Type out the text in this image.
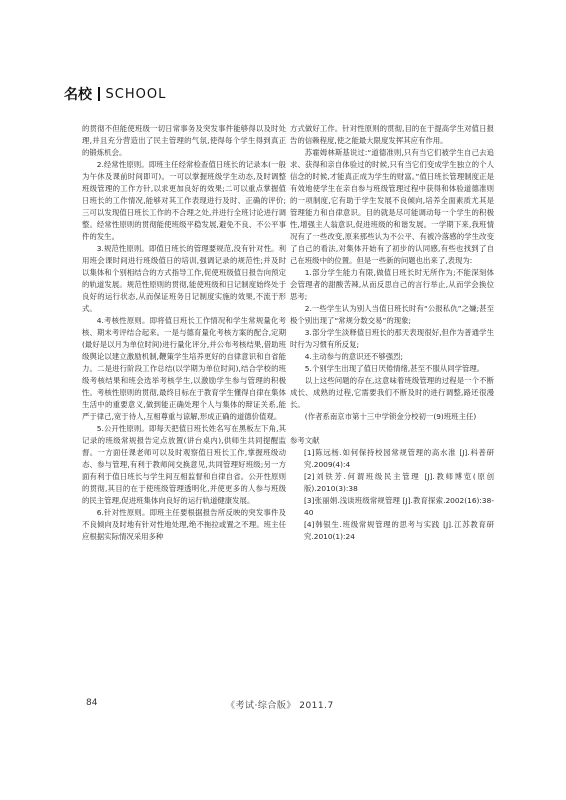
名校 SCHOOL

的贯彻不但能使班级一切日常事务及突发事件能够得以及时处理,并且充分营造出了民主管理的气氛,使得每个学生得到真正的锻炼机会。

2.经常性原则。即班主任经常检查值日班长的记录本(一般为午休及课前时间即可)。一可以掌握班级学生动态,及时调整班级管理的工作方针,以求更加良好的效果;二可以重点掌握值日班长的工作情况,能够对其工作表现进行及时、正确的评价;三可以发现值日班长工作的不合理之处,并进行全班讨论进行调整。经常性原则的贯彻能使班级平稳发展,避免不良、不公平事件的发生。

3.规范性原则。即值日班长的管理要规范,没有针对性。利用班会课时间进行班级值日的培训,强调记录的规范性;并及时以集体和个别相结合的方式指导工作,促使班级值日报告向预定的轨道发展。规范性原则的贯彻,能使班级和日记制度始终处于良好的运行状态,从而保证班务日记制度实施的效果,不流于形式。

4.考核性原则。即将值日班长工作情况和学生常规量化考核、期末考评结合起来。一是与德育量化考核方案的配合,定期(最好是以月为单位时间)进行量化评分,并公布考核结果,借助班级舆论以建立激励机制,鞭策学生培养更好的自律意识和自省能力。二是进行阶段工作总结(以学期为单位时间),结合学校的班级考核结果和班会选举考核学生,以激励学生参与管理的积极性。考核性原则的贯彻,最终目标在于教育学生懂得自律在集体生活中的重要意义,做到能正确处理个人与集体的辩证关系,能严于律己,宽于待人,互相尊重与谅解,形成正确的道德价值观。

5.公开性原则。即每天把值日班长姓名写在黑板左下角,其记录的班级常规报告定点放置(讲台桌内),供师生共同提醒监督。一方面任课老师可以及时观察值日班长工作,掌握班级动态、参与管理,有利于教师间交换意见,共同管理好班级;另一方面有利于值日班长与学生间互相监督和自律自省。公开性原则的贯彻,其目的在于使班级管理透明化,并使更多的人参与班级的民主管理,促进班集体向良好的运行轨道健康发展。

6.针对性原则。即班主任要根据报告所反映的突发事件及不良倾向及时地有针对性地处理,绝不拖拉或置之不理。班主任应根据实际情况采用多种

方式做好工作。针对性原则的贯彻,目的在于提高学生对值日报告的信赖程度,使之能最大限度发挥其应有作用。

苏霍姆林斯基说过:“道德准则,只有当它们被学生自己去追求、获得和亲自体验过的时候,只有当它们变成学生独立的个人信念的时候,才能真正成为学生的财富。”值日班长管理制度正是有效地使学生在亲自参与班级管理过程中获得和体验道德准则的一项制度,它有助于学生发展不良倾向,培养全面素质尤其是管理能力和自律意识。目的就是尽可能调动每一个学生的积极性,增强主人翁意识,促进班级的和谐发展。一学期下来,我班情况有了一些改变,原来那些认为不公平、有被冷落感的学生改变了自己的看法,对集体开始有了初步的认同感,有些也找到了自己在班级中的位置。但是一些新的问题也出来了,表现为:

1.部分学生能力有限,做值日班长时无所作为;不能深刻体会管理者的甜酸苦辣,从而反思自己的言行举止,从而学会换位思考;

2.一些学生认为别人当值日班长时有“公报私仇”之嫌;甚至极个别出现了“常规分数交易”的现象;

3.部分学生淡释值日班长的那天表现很好,但作为普通学生时行为习惯有所反复;

4.主动参与的意识还不够强烈;

5.个别学生出现了值日厌倦情绪,甚至不服从同学管理。

以上这些问题的存在,这意味着班级管理的过程是一个不断成长、成熟的过程,它需要我们不断及时的进行调整,路还很漫长。

(作者系南京市第十三中学锁金分校初一(9)班班主任)

参考文献

[1]陈远杨.如何保持校园常规管理的高水准 [J].科普研究.2009(4):4

[2]刘铁芳.何谓班级民主管理 [J].教师博览(原创版).2010(3):38

[3]张丽娟.浅谈班级常规管理 [J].教育探索.2002(16):38-40

[4]韩银生.班级常规管理的思考与实践 [J].江苏教育研究.2010(1):24

84	《考试·综合版》 2011.7
